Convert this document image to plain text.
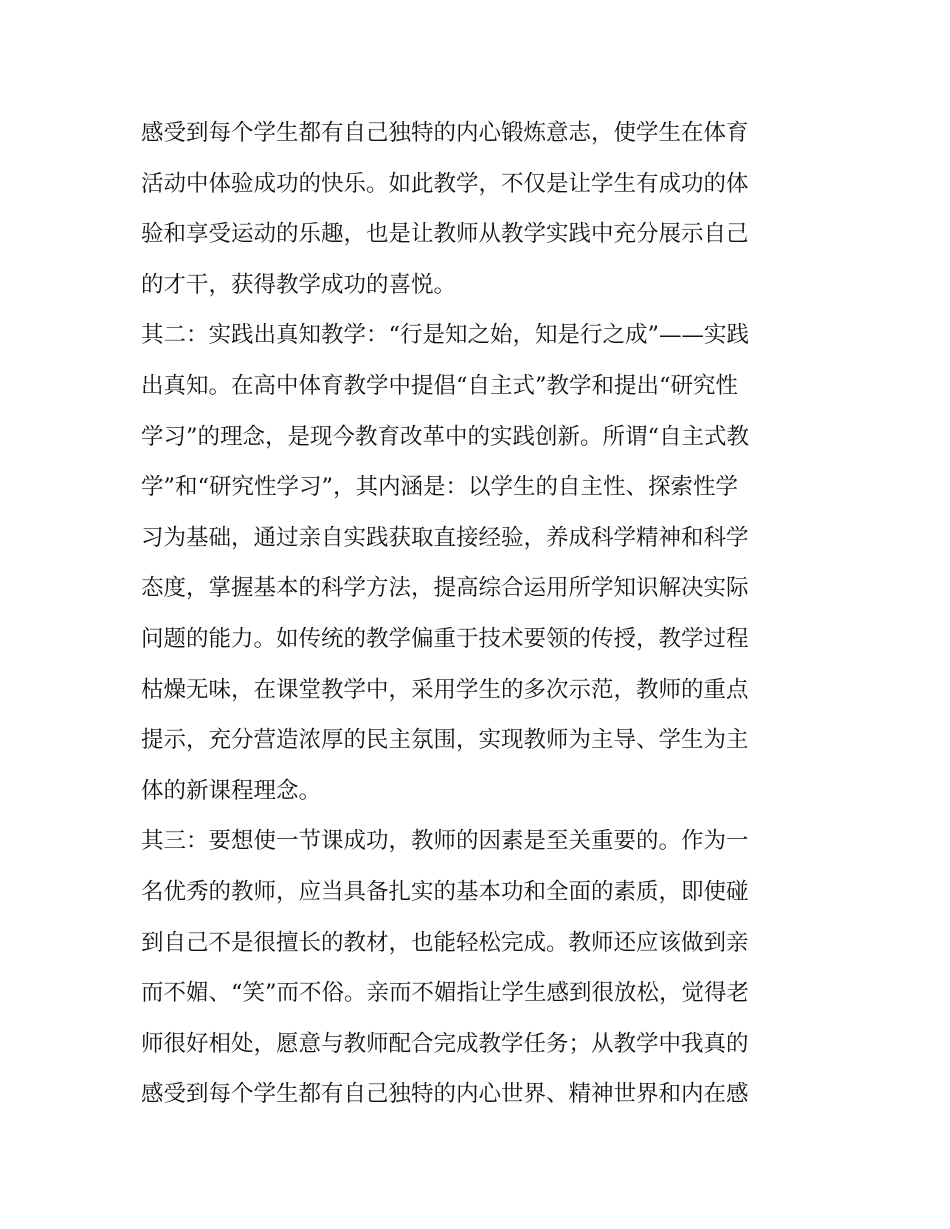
感受到每个学生都有自己独特的内心锻炼意志，使学生在体育
活动中体验成功的快乐。如此教学，不仅是让学生有成功的体
验和享受运动的乐趣，也是让教师从教学实践中充分展示自己
的才干，获得教学成功的喜悦。
其二：实践出真知教学：“行是知之始，知是行之成”——实践
出真知。在高中体育教学中提倡“自主式”教学和提出“研究性
学习”的理念，是现今教育改革中的实践创新。所谓“自主式教
学”和“研究性学习”，其内涵是：以学生的自主性、探索性学
习为基础，通过亲自实践获取直接经验，养成科学精神和科学
态度，掌握基本的科学方法，提高综合运用所学知识解决实际
问题的能力。如传统的教学偏重于技术要领的传授，教学过程
枯燥无味，在课堂教学中，采用学生的多次示范，教师的重点
提示，充分营造浓厚的民主氛围，实现教师为主导、学生为主
体的新课程理念。
其三：要想使一节课成功，教师的因素是至关重要的。作为一
名优秀的教师，应当具备扎实的基本功和全面的素质，即使碰
到自己不是很擅长的教材，也能轻松完成。教师还应该做到亲
而不媚、“笑”而不俗。亲而不媚指让学生感到很放松，觉得老
师很好相处，愿意与教师配合完成教学任务；从教学中我真的
感受到每个学生都有自己独特的内心世界、精神世界和内在感
